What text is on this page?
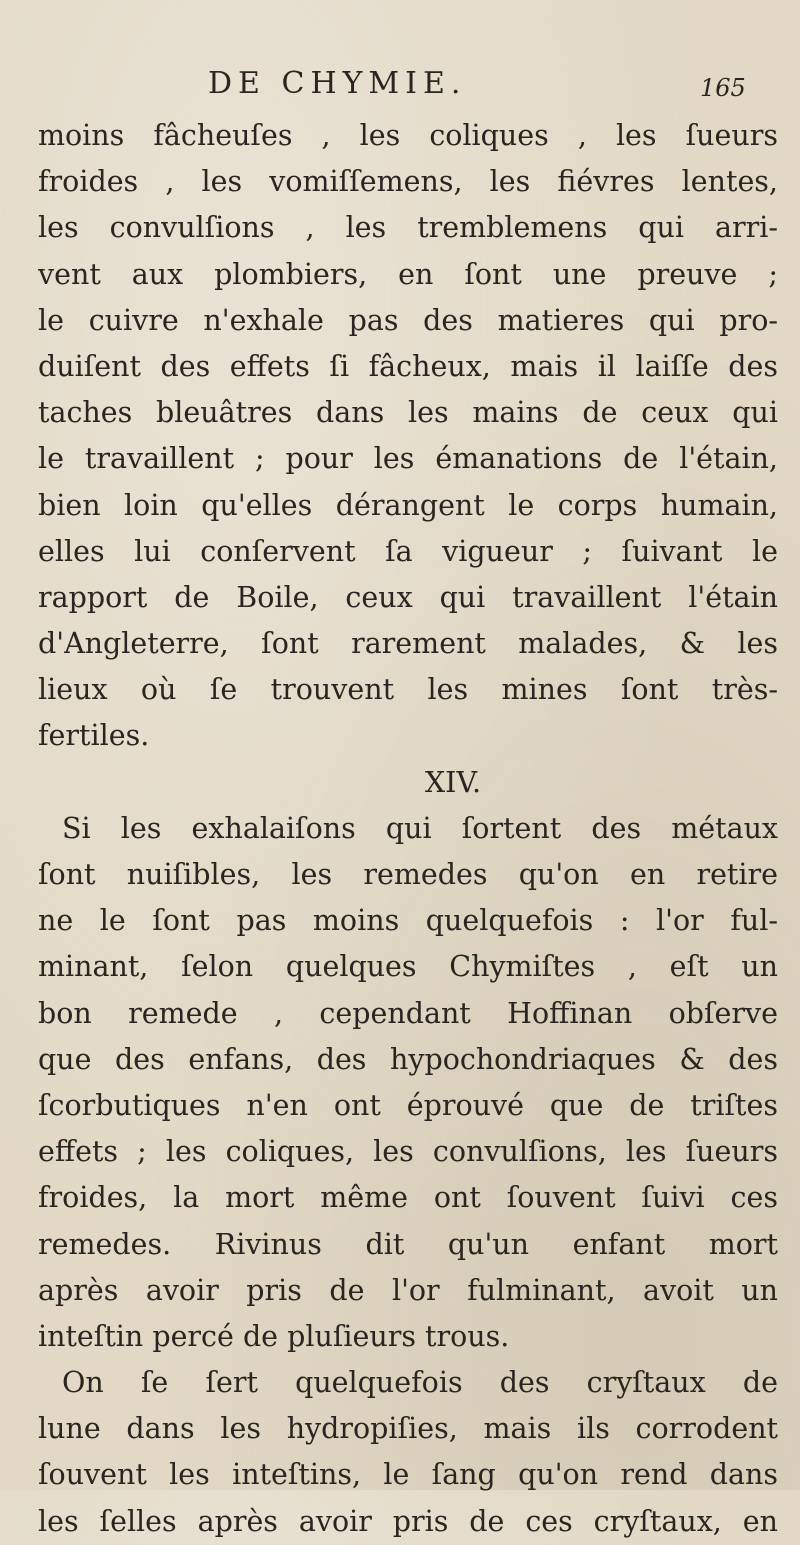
DE CHYMIE.	165
moins fâcheuſes , les coliques , les ſueurs
froides , les vomiſſemens, les fiévres lentes,
les convulſions , les tremblemens qui arri-
vent aux plombiers, en ſont une preuve ;
le cuivre n'exhale pas des matieres qui pro-
duiſent des effets ſi fâcheux, mais il laiſſe des
taches bleuâtres dans les mains de ceux qui
le travaillent ; pour les émanations de l'étain,
bien loin qu'elles dérangent le corps humain,
elles lui conſervent ſa vigueur ; ſuivant le
rapport de Boile, ceux qui travaillent l'étain
d'Angleterre, ſont rarement malades, & les
lieux où ſe trouvent les mines ſont très-
fertiles.
XIV.
Si les exhalaiſons qui ſortent des métaux
ſont nuiſibles, les remedes qu'on en retire
ne le ſont pas moins quelquefois : l'or ful-
minant, ſelon quelques Chymiſtes , eſt un
bon remede , cependant Hoffinan obſerve
que des enfans, des hypochondriaques & des
ſcorbutiques n'en ont éprouvé que de triſtes
effets ; les coliques, les convulſions, les ſueurs
froides, la mort même ont ſouvent ſuivi ces
remedes. Rivinus dit qu'un enfant mort
après avoir pris de l'or fulminant, avoit un
inteſtin percé de pluſieurs trous.
On ſe ſert quelquefois des cryſtaux de
lune dans les hydropiſies, mais ils corrodent
ſouvent les inteſtins, le ſang qu'on rend dans
les ſelles après avoir pris de ces cryſtaux, en
